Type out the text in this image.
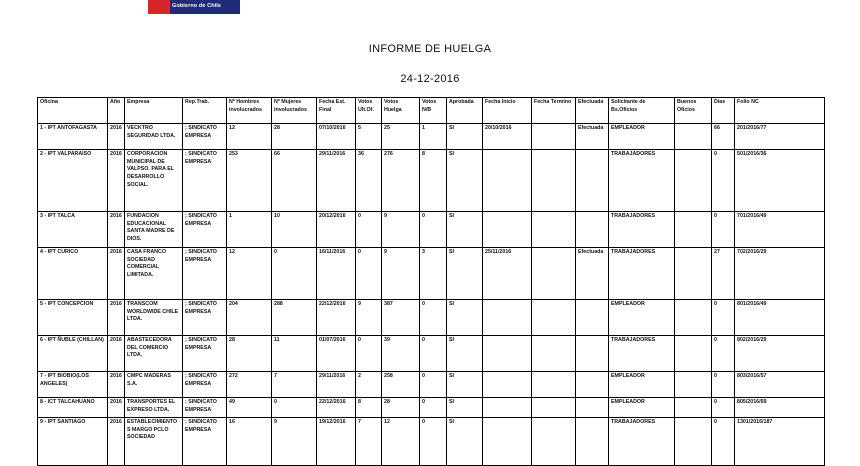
Gobierno de Chile
INFORME DE HUELGA
24-12-2016
Oficina	Año	Empresa	Rep.Trab.	Nº Hombres involucrados	Nº Mujeres involucrados	Fecha Est. Final	Votos Ult.Of.	Votos Huelga	Votos N/B	Aprobada	Fecha Inicio	Fecha Termino	Efectuada	Solicitante de Bs.Oficios	Buenos Oficios	Días	Folio NC
1 - IPT ANTOFAGASTA	2016	VECKTRO SEGURIDAD LTDA.	; SINDICATO EMPRESA	12	28	07/10/2016	5	25	1	SI	20/10/2016		Efectuada	EMPLEADOR		66	201/2016/77
2 - IPT VALPARAISO	2016	CORPORACION MUNICIPAL DE VALPSO. PARA EL DESARROLLO SOCIAL.	; SINDICATO EMPRESA	253	66	29/11/2016	36	276	8	SI				TRABAJADORES		0	501/2016/36
3 - IPT TALCA	2016	FUNDACION EDUCACIONAL SANTA MADRE DE DIOS.	; SINDICATO EMPRESA	1	10	20/12/2016	0	9	0	SI				TRABAJADORES		0	701/2016/49
4 - IPT CURICO	2016	CASA FRANCO SOCIEDAD COMERCIAL LIMITADA.	; SINDICATO EMPRESA	12	0	16/11/2016	0	9	3	SI	25/11/2016		Efectuada	TRABAJADORES		27	702/2016/29
5 - IPT CONCEPCION	2016	TRANSCOM WORLDWIDE CHILE LTDA.	; SINDICATO EMPRESA	204	288	22/12/2016	9	387	0	SI				EMPLEADOR		0	801/2016/49
6 - IPT ÑUBLE (CHILLAN)	2016	ABASTECEDORA DEL COMERCIO LTDA.	; SINDICATO EMPRESA	28	11	01/07/2016	0	39	0	SI				TRABAJADORES		0	802/2016/29
7 - IPT BIOBIO(LOS ANGELES)	2016	CMPC MADERAS S.A.	; SINDICATO EMPRESA	272	7	29/11/2016	2	258	0	SI				EMPLEADOR		0	803/2016/57
8 - ICT TALCAHUANO	2016	TRANSPORTES EL EXPRESO LTDA.	; SINDICATO EMPRESA	49	0	22/12/2016	8	28	0	SI				EMPLEADOR		0	805/2016/69
9 - IPT SANTIAGO	2016	ESTABLECIMIENTOS MARGO PCLO SOCIEDAD	; SINDICATO EMPRESA	16	9	19/12/2016	7	12	0	SI				TRABAJADORES		0	1301/2016/187
